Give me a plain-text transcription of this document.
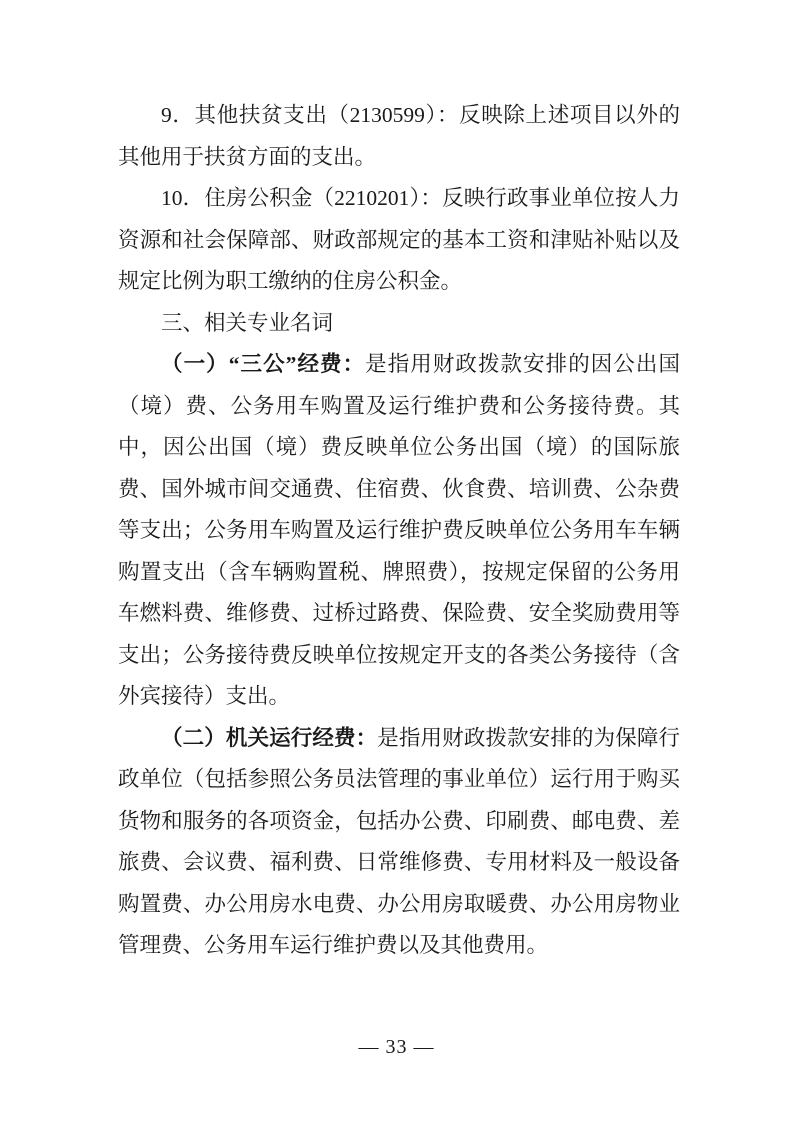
9．其他扶贫支出（2130599）：反映除上述项目以外的其他用于扶贫方面的支出。

10．住房公积金（2210201）：反映行政事业单位按人力资源和社会保障部、财政部规定的基本工资和津贴补贴以及规定比例为职工缴纳的住房公积金。

三、相关专业名词

（一）“三公”经费：是指用财政拨款安排的因公出国（境）费、公务用车购置及运行维护费和公务接待费。其中，因公出国（境）费反映单位公务出国（境）的国际旅费、国外城市间交通费、住宿费、伙食费、培训费、公杂费等支出；公务用车购置及运行维护费反映单位公务用车车辆购置支出（含车辆购置税、牌照费），按规定保留的公务用车燃料费、维修费、过桥过路费、保险费、安全奖励费用等支出；公务接待费反映单位按规定开支的各类公务接待（含外宾接待）支出。

（二）机关运行经费：是指用财政拨款安排的为保障行政单位（包括参照公务员法管理的事业单位）运行用于购买货物和服务的各项资金，包括办公费、印刷费、邮电费、差旅费、会议费、福利费、日常维修费、专用材料及一般设备购置费、办公用房水电费、办公用房取暖费、办公用房物业管理费、公务用车运行维护费以及其他费用。

— 33 —
